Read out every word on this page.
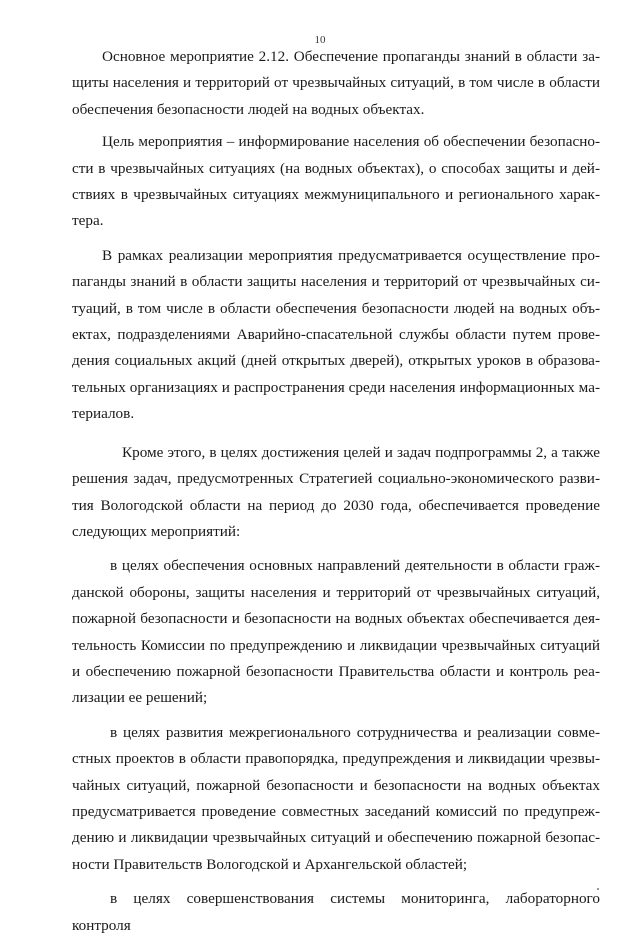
10

Основное мероприятие 2.12. Обеспечение пропаганды знаний в области защиты населения и территорий от чрезвычайных ситуаций, в том числе в области обеспечения безопасности людей на водных объектах.

Цель мероприятия – информирование населения об обеспечении безопасности в чрезвычайных ситуациях (на водных объектах), о способах защиты и действиях в чрезвычайных ситуациях межмуниципального и регионального характера.

В рамках реализации мероприятия предусматривается осуществление пропаганды знаний в области защиты населения и территорий от чрезвычайных ситуаций, в том числе в области обеспечения безопасности людей на водных объектах, подразделениями Аварийно-спасательной службы области путем проведения социальных акций (дней открытых дверей), открытых уроков в образовательных организациях и распространения среди населения информационных материалов.

Кроме этого, в целях достижения целей и задач подпрограммы 2, а также решения задач, предусмотренных Стратегией социально-экономического развития Вологодской области на период до 2030 года, обеспечивается проведение следующих мероприятий:

в целях обеспечения основных направлений деятельности в области гражданской обороны, защиты населения и территорий от чрезвычайных ситуаций, пожарной безопасности и безопасности на водных объектах обеспечивается деятельность Комиссии по предупреждению и ликвидации чрезвычайных ситуаций и обеспечению пожарной безопасности Правительства области и контроль реализации ее решений;

в целях развития межрегионального сотрудничества и реализации совместных проектов в области правопорядка, предупреждения и ликвидации чрезвычайных ситуаций, пожарной безопасности и безопасности на водных объектах предусматривается проведение совместных заседаний комиссий по предупреждению и ликвидации чрезвычайных ситуаций и обеспечению пожарной безопасности Правительств Вологодской и Архангельской областей;

в целях совершенствования системы мониторинга, лабораторного контроля
